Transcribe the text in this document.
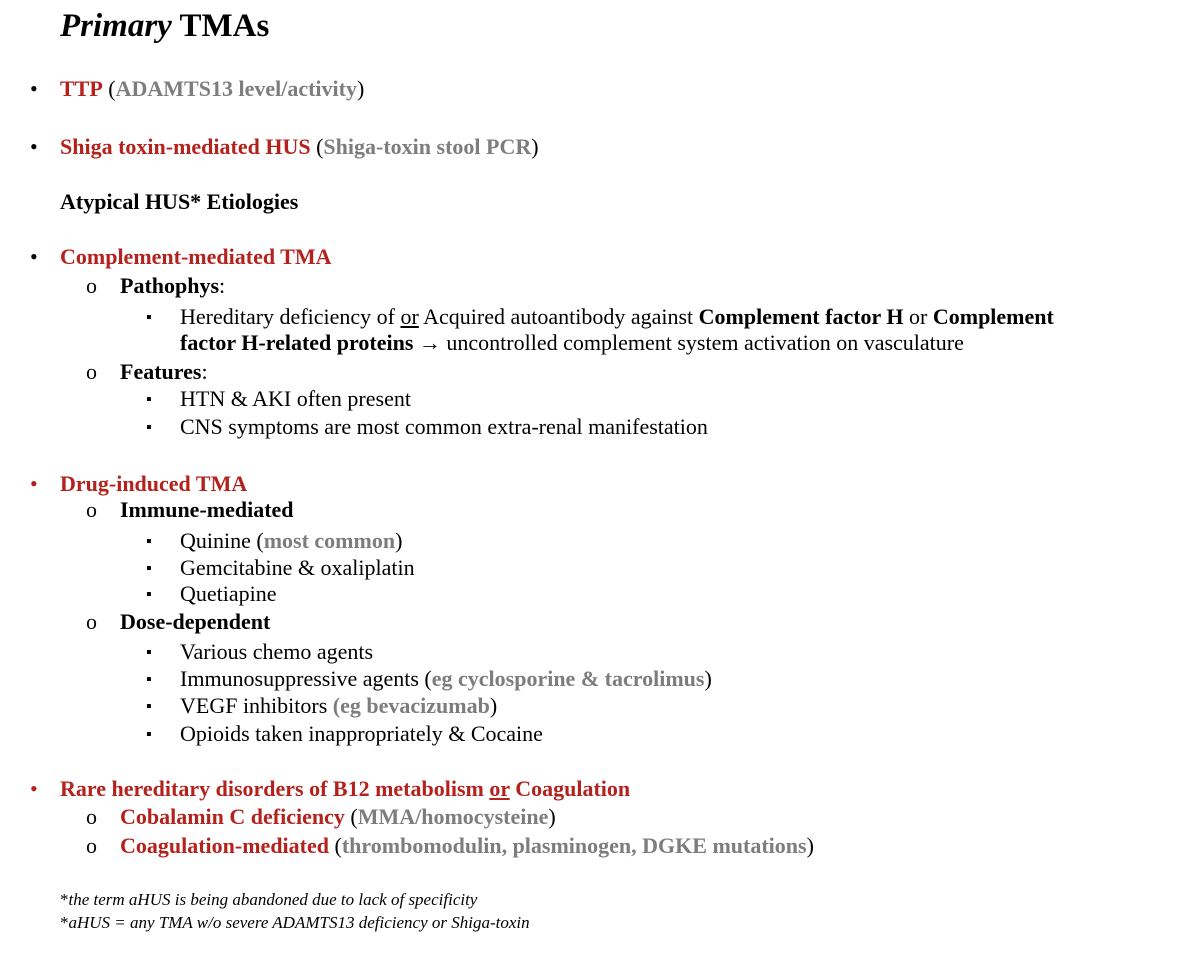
Primary TMAs
• TTP (ADAMTS13 level/activity)
• Shiga toxin-mediated HUS (Shiga-toxin stool PCR)
Atypical HUS* Etiologies
• Complement-mediated TMA
o Pathophys:
▪ Hereditary deficiency of or Acquired autoantibody against Complement factor H or Complement
factor H-related proteins → uncontrolled complement system activation on vasculature
o Features:
▪ HTN & AKI often present
▪ CNS symptoms are most common extra-renal manifestation
• Drug-induced TMA
o Immune-mediated
▪ Quinine (most common)
▪ Gemcitabine & oxaliplatin
▪ Quetiapine
o Dose-dependent
▪ Various chemo agents
▪ Immunosuppressive agents (eg cyclosporine & tacrolimus)
▪ VEGF inhibitors (eg bevacizumab)
▪ Opioids taken inappropriately & Cocaine
• Rare hereditary disorders of B12 metabolism or Coagulation
o Cobalamin C deficiency (MMA/homocysteine)
o Coagulation-mediated (thrombomodulin, plasminogen, DGKE mutations)
*the term aHUS is being abandoned due to lack of specificity
*aHUS = any TMA w/o severe ADAMTS13 deficiency or Shiga-toxin
